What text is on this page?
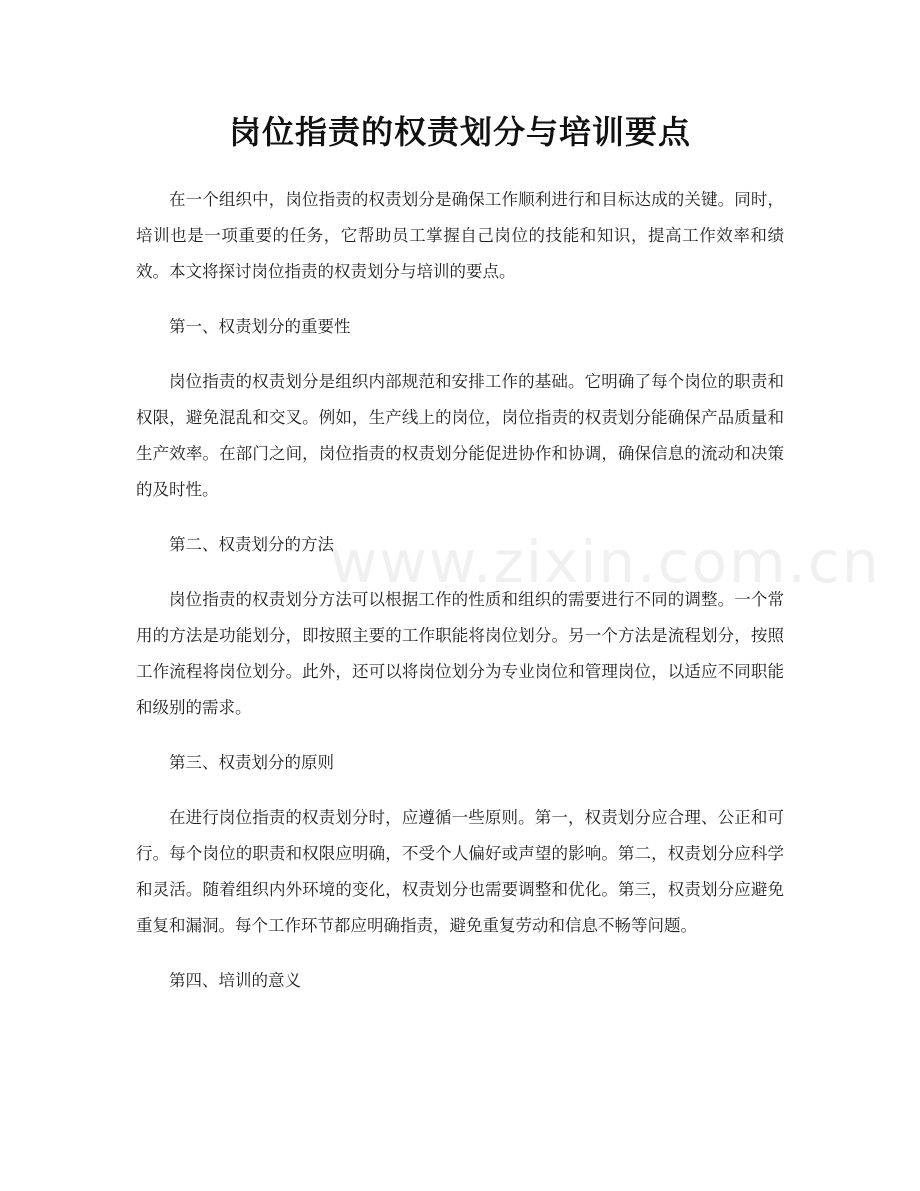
岗位指责的权责划分与培训要点
www.zixin.com.cn

在一个组织中，岗位指责的权责划分是确保工作顺利进行和目标达成的关键。同时，培训也是一项重要的任务，它帮助员工掌握自己岗位的技能和知识，提高工作效率和绩效。本文将探讨岗位指责的权责划分与培训的要点。

第一、权责划分的重要性

岗位指责的权责划分是组织内部规范和安排工作的基础。它明确了每个岗位的职责和权限，避免混乱和交叉。例如，生产线上的岗位，岗位指责的权责划分能确保产品质量和生产效率。在部门之间，岗位指责的权责划分能促进协作和协调，确保信息的流动和决策的及时性。

第二、权责划分的方法

岗位指责的权责划分方法可以根据工作的性质和组织的需要进行不同的调整。一个常用的方法是功能划分，即按照主要的工作职能将岗位划分。另一个方法是流程划分，按照工作流程将岗位划分。此外，还可以将岗位划分为专业岗位和管理岗位，以适应不同职能和级别的需求。

第三、权责划分的原则

在进行岗位指责的权责划分时，应遵循一些原则。第一，权责划分应合理、公正和可行。每个岗位的职责和权限应明确，不受个人偏好或声望的影响。第二，权责划分应科学和灵活。随着组织内外环境的变化，权责划分也需要调整和优化。第三，权责划分应避免重复和漏洞。每个工作环节都应明确指责，避免重复劳动和信息不畅等问题。

第四、培训的意义
